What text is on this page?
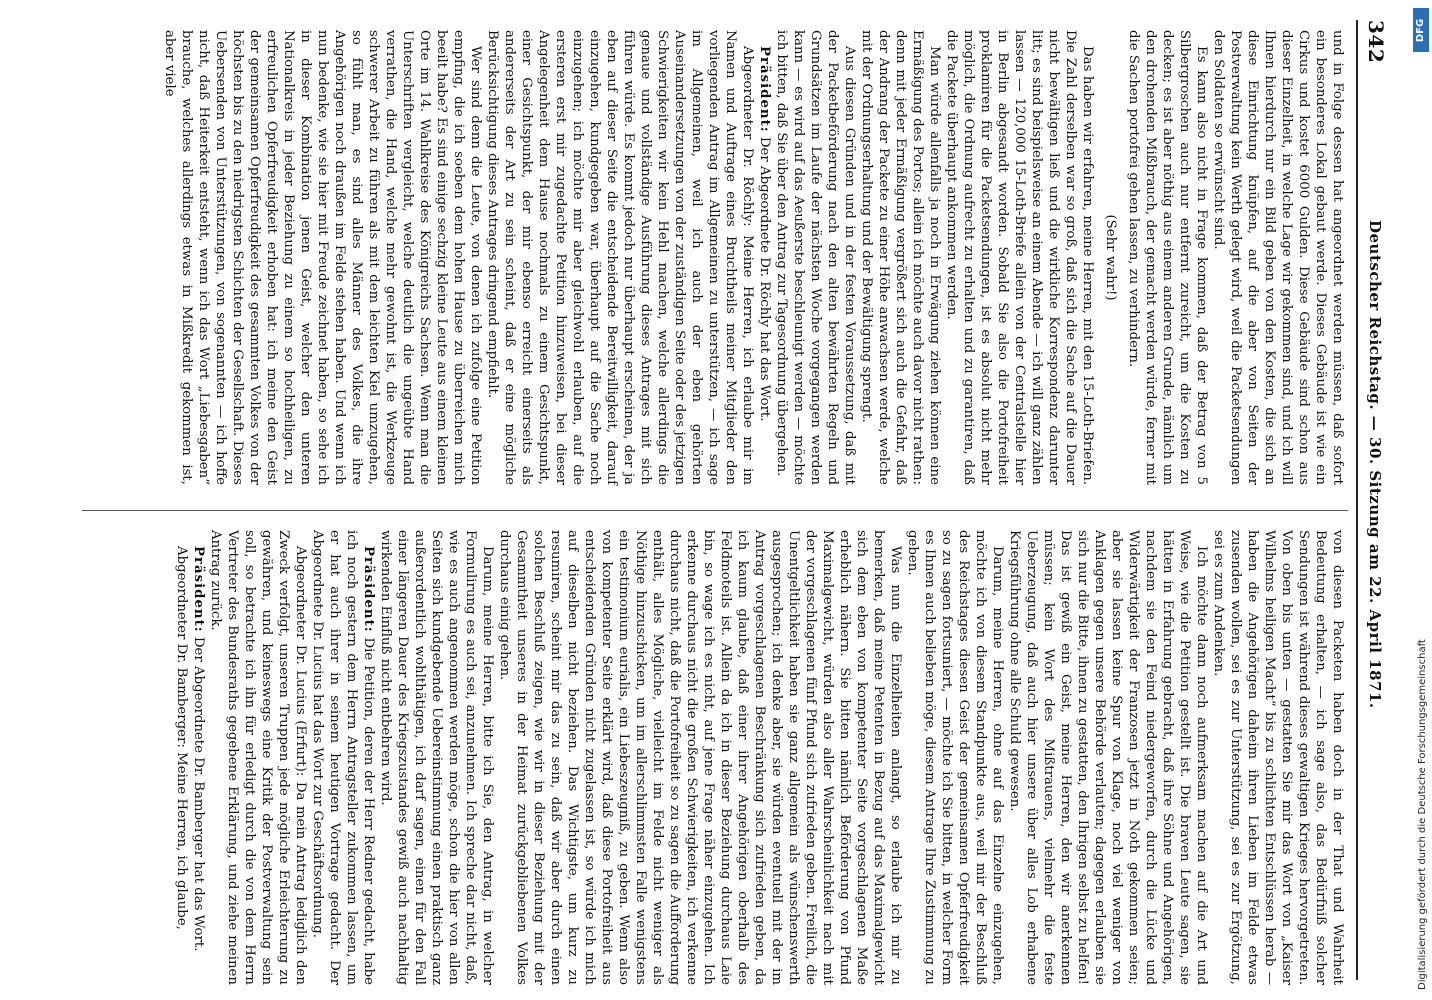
342
Deutscher Reichstag. — 30. Sitzung am 22. April 1871.

und in Folge dessen hat angeordnet werden müssen, daß sofort ein besonderes Lokal gebaut werde. Dieses Gebäude ist wie ein Cirkus und kostet 6000 Gulden. Diese Gebäude sind schon aus dieser Einzelheit, in welche Lage wir gekommen sind, und ich will Ihnen hierdurch nur ein Bild geben von den Kosten, die sich an diese Einrichtung knüpfen, auf die aber von Seiten der Postverwaltung kein Werth gelegt wird, weil die Packetsendungen den Soldaten so erwünscht sind.

Es kann also nicht in Frage kommen, daß der Betrag von 5 Silbergroschen auch nur entfernt zureicht, um die Kosten zu decken; es ist aber nöthig aus einem anderen Grunde, nämlich um den drohenden Mißbrauch, der gemacht werden würde, ferner mit die Sachen portofrei gehen lassen, zu verhindern.

(Sehr wahr!)

Das haben wir erfahren, meine Herren, mit den 15-Loth-Briefen. Die Zahl derselben war so groß, daß sich die Sache auf die Dauer nicht bewältigen ließ und die wirkliche Korrespondenz darunter litt; es sind beispielsweise an einem Abende — ich will ganz zählen lassen — 120,000 15-Loth-Briefe allein von der Centralstelle hier in Berlin abgesandt worden. Sobald Sie also die Portofreiheit proklamiren für die Packetsendungen, ist es absolut nicht mehr möglich, die Ordnung aufrecht zu erhalten und zu garantiren, daß die Packete überhaupt ankommen werden.

Man würde allenfalls ja noch in Erwägung ziehen können eine Ermäßigung des Portos; allein ich möchte auch davor nicht rathen: denn mit jeder Ermäßigung vergrößert sich auch die Gefahr, daß der Andrang der Packete zu einer Höhe anwachsen werde, welche mit der Ordnungserhaltung und der Bewältigung sprengt.

Aus diesen Gründen und in der festen Voraussetzung, daß mit der Packetbeförderung nach den alten bewährten Regeln und Grundsätzen im Laufe der nächsten Woche vorgegangen werden kann — es wird auf das Aeußerste beschleunigt werden — möchte ich bitten, daß Sie über den Antrag zur Tagesordnung übergehen.

Präsident: Der Abgeordnete Dr. Röchly hat das Wort.

Abgeordneter Dr. Röchly: Meine Herren, ich erlaube mir im Namen und Auftrage eines Bruchtheils meiner Mitglieder den vorliegenden Antrag im Allgemeinen zu unterstützen, — ich sage im Allgemeinen, weil ich auch der eben gehörten Auseinandersetzungen von der zuständigen Seite oder des jetzigen Schwierigkeiten wir kein Hehl machen, welche allerdings die genaue und vollständige Ausführung dieses Antrages mit sich führen würde. Es kommt jedoch nur überhaupt erscheinen, der ja eben auf dieser Seite die entscheidende Bereitwilligkeit, darauf einzugehen, kundgegeben war, überhaupt auf die Sache noch einzugehen; ich möchte mir aber gleichwohl erlauben, auf die ersteren erst mir zugedachte Petition hinzuweisen, bei dieser Angelegenheit dem Hause nochmals zu einem Gesichtspunkt, einer Gesichtspunkt, der mir ebenso erreicht einerseits als andererseits der Art zu sein scheint, daß er eine mögliche Berücksichtigung dieses Antrages dringend empfiehlt.

Wer sind denn die Leute, von denen ich zufolge eine Petition empfing, die ich soeben dem hohen Hause zu überreichen mich beeilt habe? Es sind einige sechzig kleine Leute aus einem kleinen Orte im 14. Wahlkreise des Königreichs Sachsen. Wenn man die Unterschriften vergleicht, welche deutlich die ungeübte Hand verrathen, die Hand, welche mehr gewohnt ist, die Werkzeuge schwerer Arbeit zu führen als mit dem leichten Kiel umzugehen, so fühlt man, es sind alles Männer des Volkes, die ihre Angehörigen noch draußen im Felde stehen haben. Und wenn ich nun bedenke, wie sie hier mit Freude zeichnet haben, so sehe ich in dieser Kombination jenen Geist, welcher den unteren Nationalkreis in jeder Beziehung zu einem so hochheiligen, zu erfreulichen Opferfreudigkeit erhoben hat: ich meine den Geist der gemeinsamen Opferfreudigkeit des gesammten Volkes von der höchsten bis zu den niedrigsten Schichten der Gesellschaft. Dieses Uebersenden von Unterstützungen, von sogenannten — ich hoffe nicht, daß Heiterkeit entsteht, wenn ich das Wort „Liebesgaben“ brauche, welches allerdings etwas in Mißkredit gekommen ist, aber viele

von diesen Packeten haben doch in der That und Wahrheit Bedeutung erhalten, — ich sage also, das Bedürfniß solcher Sendungen ist während dieses gewaltigen Krieges hervorgetreten. Von oben bis unten — gestatten Sie mir das Wort von „Kaiser Wilhelms heiligen Macht“ bis zu schlichten Entschlüssen herab — haben die Angehörigen daheim ihren Lieben im Felde etwas zusenden wollen, sei es zur Unterstützung, sei es zur Ergötzung, sei es zum Andenken.

Ich möchte dann noch aufmerksam machen auf die Art und Weise, wie die Petition gestellt ist. Die braven Leute sagen, sie hätten in Erfahrung gebracht, daß ihre Söhne und Angehörigen, nachdem sie den Feind niedergeworfen, durch die Lücke und Widerwärtigkeit der Franzosen jetzt in Noth gekommen seien; aber sie lassen keine Spur von Klage, noch viel weniger von Anklagen gegen unsere Behörde verlauten; dagegen erlauben sie sich nur die Bitte, ihnen zu gestatten, den Ihrigen selbst zu helfen! Das ist gewiß ein Geist, meine Herren, den wir anerkennen müssen; kein Wort des Mißtrauens, vielmehr die feste Ueberzeugung, daß auch hier unsere über alles Lob erhabene Kriegsführung ohne alle Schuld gewesen.

Darum, meine Herren, ohne auf das Einzelne einzugehen, möchte ich von diesem Standpunkte aus, weil mir der Beschluß des Reichstages diesen Geist der gemeinsamen Opferfreudigkeit so zu sagen fortsuniert, — möchte ich Sie bitten, in welcher Form es Ihnen auch belieben möge, diesem Antrage Ihre Zustimmung zu geben.

Was nun die Einzelheiten anlangt, so erlaube ich mir zu bemerken, daß meine Petenten in Bezug auf das Maximalgewicht sich dem eben von kompetenter Seite vorgeschlagenen Maße erheblich nähern. Sie bitten nämlich Beförderung von Pfund Maximalgewicht, würden also aller Wahrscheinlichkeit nach mit der vorgeschlagenen fünf Pfund sich zufrieden geben. Freilich, die Unentgeltlichkeit haben sie ganz allgemein als wünschenswerth ausgesprochen; ich denke aber, sie würden eventuell mit der im Antrag vorgeschlagenen Beschränkung sich zufrieden geben, da ich kaum glaube, daß einer ihrer Angehörigen oberhalb des Feldmoteils ist. Allein da ich in dieser Beziehung durchaus Laie bin, so wage ich es nicht, auf jene Frage näher einzugehen. Ich erkenne durchaus nicht die großen Schwierigkeiten, ich verkenne durchaus nicht, daß die Portofreiheit so zu sagen die Aufforderung enthält, alles Mögliche, vielleicht im Felde nicht weniger als Nöthige hinzuschicken, um im allerschlimmsten Falle wenigstens ein testimonium eurialis, ein Liebeszeugniß, zu geben. Wenn also von kompetenter Seite erklärt wird, daß diese Portofreiheit aus entscheidenden Gründen nicht zugelassen ist, so würde ich mich auf dieselben nicht beziehen. Das Wichtigste, um kurz zu resumiren, scheint mir das zu sein, daß wir aber durch einen solchen Beschluß zeigen, wie wir in dieser Beziehung mit der Gesammtheit unseres in der Heimat zurückgebliebenen Volkes durchaus einig gehen.

Darum, meine Herren, bitte ich Sie, den Antrag, in welcher Formulirung es auch sei, anzunehmen. Ich spreche dar nicht, daß, wie es auch angenommen werden möge, schon die hier von allen Seiten sich kundgebende Uebereinstimmung einen praktisch ganz außerordentlich wohlthätigen, ich darf sagen, einen für den Fall einer längeren Dauer des Kriegszustandes gewiß auch nachhaltig wirkenden Einfluß nicht entbehren wird.

Präsident: Die Petition, deren der Herr Redner gedacht, habe ich noch gestern dem Herrn Antragsteller zukommen lassen, um er hat auch ihrer in seinem heutigen Vortrage gedacht. Der Abgeordnete Dr. Lucius hat das Wort zur Geschäftsordnung.

Abgeordneter Dr. Lucius (Erfurt): Da mein Antrag lediglich den Zweck verfolgt, unseren Truppen jede mögliche Erleichterung zu gewähren, und keineswegs eine Kritik der Postverwaltung sein soll, so betrachte ich ihn für erledigt durch die von dem Herrn Vertreter des Bundesraths gegebene Erklärung, und ziehe meinen Antrag zurück.

Präsident: Der Abgeordnete Dr. Bamberger hat das Wort.

Abgeordneter Dr. Bamberger: Meine Herren, ich glaube,

DFG
Digitalisierung gefördert durch die Deutsche Forschungsgemeinschaft
